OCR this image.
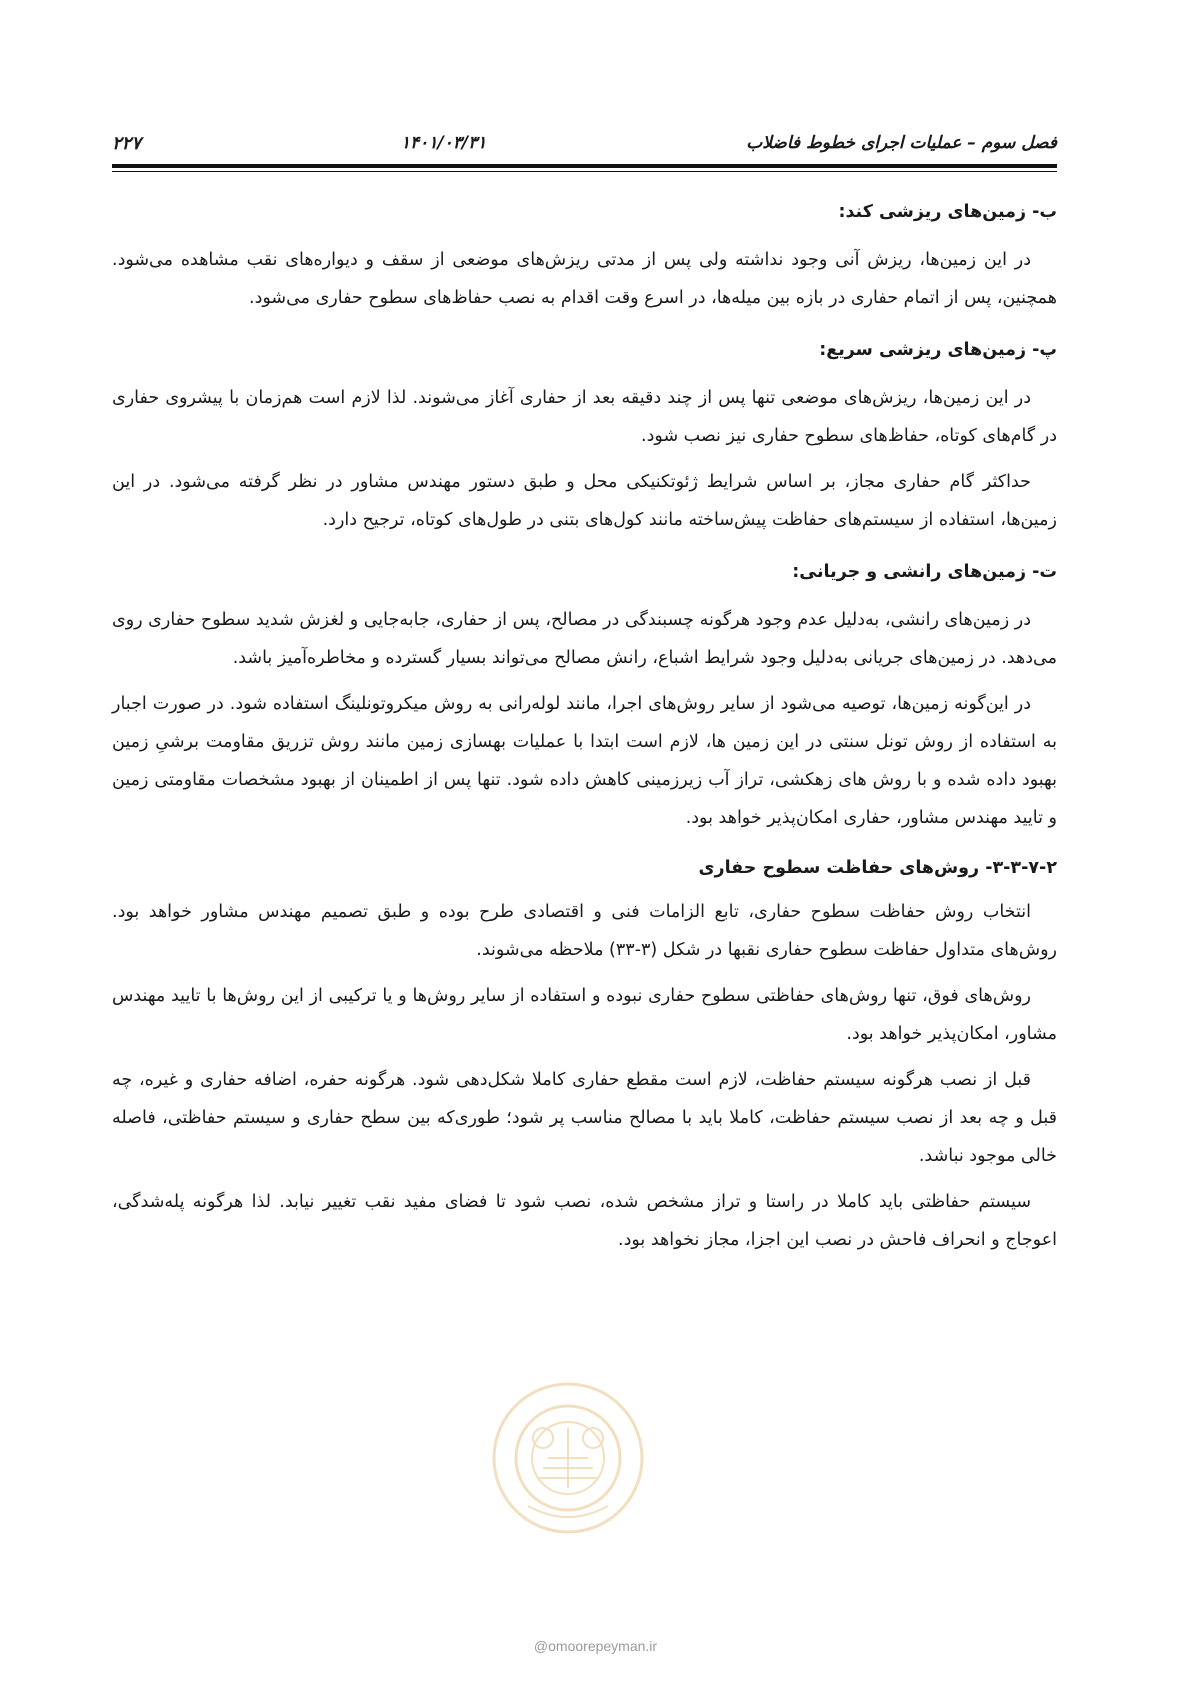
فصل سوم – عملیات اجرای خطوط فاضلاب
۱۴۰۱/۰۳/۳۱
۲۲۷
ب- زمین‌های ریزشی کند:

در این زمین‌ها، ریزش آنی وجود نداشته ولی پس از مدتی ریزش‌های موضعی از سقف و دیواره‌های نقب مشاهده می‌شود. همچنین، پس از اتمام حفاری در بازه بین میله‌ها، در اسرع وقت اقدام به نصب حفاظ‌های سطوح حفاری می‌شود.

پ- زمین‌های ریزشی سریع:

در این زمین‌ها، ریزش‌های موضعی تنها پس از چند دقیقه بعد از حفاری آغاز می‌شوند. لذا لازم است هم‌زمان با پیشروی حفاری در گام‌های کوتاه، حفاظ‌های سطوح حفاری نیز نصب شود.

حداکثر گام حفاری مجاز، بر اساس شرایط ژئوتکنیکی محل و طبق دستور مهندس مشاور در نظر گرفته می‌شود. در این زمین‌ها، استفاده از سیستم‌های حفاظت پیش‌ساخته مانند کول‌های بتنی در طول‌های کوتاه، ترجیح دارد.

ت- زمین‌های رانشی و جریانی:

در زمین‌های رانشی، به‌دلیل عدم وجود هرگونه چسبندگی در مصالح، پس از حفاری، جابه‌جایی و لغزش شدید سطوح حفاری روی می‌دهد. در زمین‌های جریانی به‌دلیل وجود شرایط اشباع، رانش مصالح می‌تواند بسیار گسترده و مخاطره‌آمیز باشد.

در این‌گونه زمین‌ها، توصیه می‌شود از سایر روش‌های اجرا، مانند لوله‌رانی به روش میکروتونلینگ استفاده شود. در صورت اجبار به استفاده از روش تونل سنتی در این زمین ها، لازم است ابتدا با عملیات بهسازی زمین مانند روش تزریق مقاومت برشیِ زمین بهبود داده شده و با روش های زهکشی، تراز آب زیرزمینی کاهش داده شود. تنها پس از اطمینان از بهبود مشخصات مقاومتی زمین و تایید مهندس مشاور، حفاری امکان‌پذیر خواهد بود.

۳-۳-۷-۲- روش‌های حفاظت سطوح حفاری

انتخاب روش حفاظت سطوح حفاری، تابع الزامات فنی و اقتصادی طرح بوده و طبق تصمیم مهندس مشاور خواهد بود. روش‌های متداول حفاظت سطوح حفاری نقبها در شکل (۳-۳۳) ملاحظه می‌شوند.

روش‌های فوق، تنها روش‌های حفاظتی سطوح حفاری نبوده و استفاده از سایر روش‌ها و یا ترکیبی از این روش‌ها با تایید مهندس مشاور، امکان‌پذیر خواهد بود.

قبل از نصب هرگونه سیستم حفاظت، لازم است مقطع حفاری کاملا شکل‌دهی شود. هرگونه حفره، اضافه حفاری و غیره، چه قبل و چه بعد از نصب سیستم حفاظت، کاملا باید با مصالح مناسب پر شود؛ طوری‌که بین سطح حفاری و سیستم حفاظتی، فاصله خالی موجود نباشد.

سیستم حفاظتی باید کاملا در راستا و تراز مشخص شده، نصب شود تا فضای مفید نقب تغییر نیابد. لذا هرگونه پله‌شدگی، اعوجاج و انحراف فاحش در نصب این اجزا، مجاز نخواهد بود.

@omoorepeyman.ir
